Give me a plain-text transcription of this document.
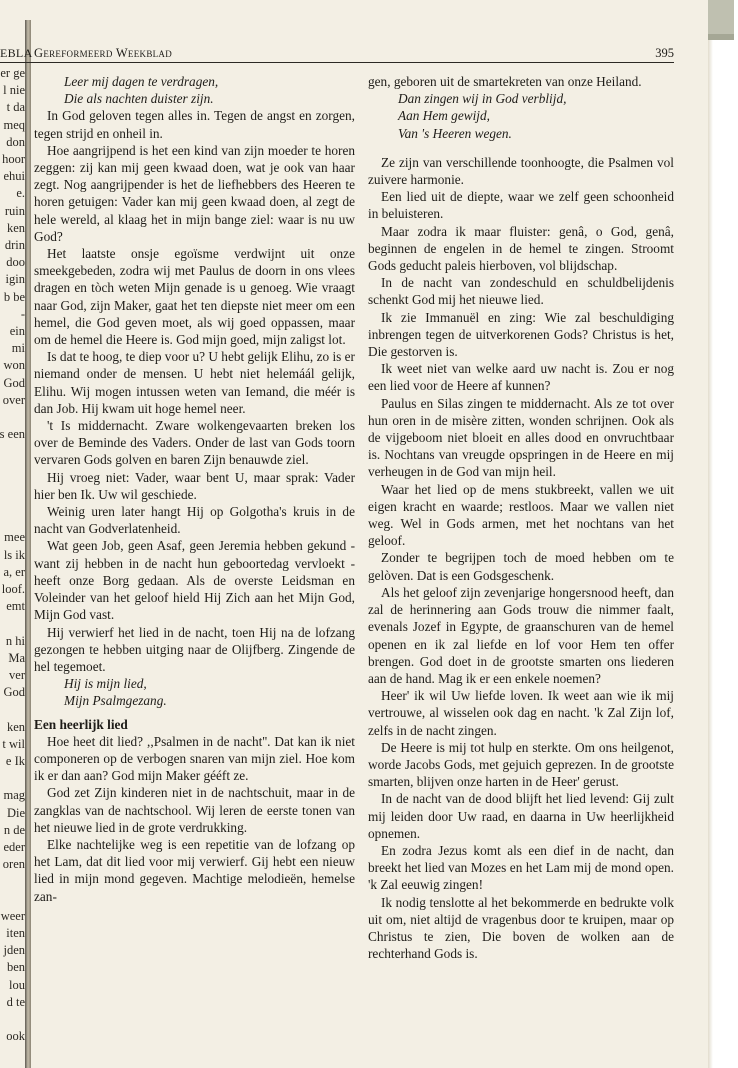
er ge
l nie
t da
meq
don
hoor
ehui
e.
ruin
ken
drin
doo
igin
b be
-
ein
mi
won
God
over
s een
mee
ls ik
a, er
loof.
emt
n hi
Ma
ver
God
ken
t wil
e Ik
mag
Die
n de
eder
oren
weer
iten
jden
ben
lou
d te
ook
EBLA Gereformeerd Weekblad	395

Leer mij dagen te verdragen,

Die als nachten duister zijn.

In God geloven tegen alles in. Tegen de angst en zorgen, tegen strijd en onheil in.

Hoe aangrijpend is het een kind van zijn moeder te horen zeggen: zij kan mij geen kwaad doen, wat je ook van haar zegt. Nog aangrijpender is het de liefhebbers des Heeren te horen getuigen: Vader kan mij geen kwaad doen, al zegt de hele wereld, al klaag het in mijn bange ziel: waar is nu uw God?

Het laatste onsje egoïsme verdwijnt uit onze smeekgebeden, zodra wij met Paulus de doorn in ons vlees dragen en tòch weten Mijn genade is u genoeg. Wie vraagt naar God, zijn Maker, gaat het ten diepste niet meer om een hemel, die God geven moet, als wij goed oppassen, maar om de hemel die Heere is. God mijn goed, mijn zaligst lot.

Is dat te hoog, te diep voor u? U hebt gelijk Elihu, zo is er niemand onder de mensen. U hebt niet helemáál gelijk, Elihu. Wij mogen intussen weten van Iemand, die méér is dan Job. Hij kwam uit hoge hemel neer.

't Is middernacht. Zware wolkengevaarten breken los over de Beminde des Vaders. Onder de last van Gods toorn vervaren Gods golven en baren Zijn benauwde ziel.

Hij vroeg niet: Vader, waar bent U, maar sprak: Vader hier ben Ik. Uw wil geschiede.

Weinig uren later hangt Hij op Golgotha's kruis in de nacht van Godverlatenheid.

Wat geen Job, geen Asaf, geen Jeremia hebben gekund - want zij hebben in de nacht hun geboortedag vervloekt - heeft onze Borg gedaan. Als de overste Leidsman en Voleinder van het geloof hield Hij Zich aan het Mijn God, Mijn God vast.

Hij verwierf het lied in de nacht, toen Hij na de lofzang gezongen te hebben uitging naar de Olijfberg. Zingende de hel tegemoet.

Hij is mijn lied,

Mijn Psalmgezang.

Een heerlijk lied

Hoe heet dit lied? ,,Psalmen in de nacht''. Dat kan ik niet componeren op de verbogen snaren van mijn ziel. Hoe kom ik er dan aan? God mijn Maker gééft ze.

God zet Zijn kinderen niet in de nachtschuit, maar in de zangklas van de nachtschool. Wij leren de eerste tonen van het nieuwe lied in de grote verdrukking.

Elke nachtelijke weg is een repetitie van de lofzang op het Lam, dat dit lied voor mij verwierf. Gij hebt een nieuw lied in mijn mond gegeven. Machtige melodieën, hemelse zan-

gen, geboren uit de smartekreten van onze Heiland.

Dan zingen wij in God verblijd,

Aan Hem gewijd,

Van 's Heeren wegen.

Ze zijn van verschillende toonhoogte, die Psalmen vol zuivere harmonie.

Een lied uit de diepte, waar we zelf geen schoonheid in beluisteren.

Maar zodra ik maar fluister: genâ, o God, genâ, beginnen de engelen in de hemel te zingen. Stroomt Gods geducht paleis hierboven, vol blijdschap.

In de nacht van zondeschuld en schuldbelijdenis schenkt God mij het nieuwe lied.

Ik zie Immanuël en zing: Wie zal beschuldiging inbrengen tegen de uitverkorenen Gods? Christus is het, Die gestorven is.

Ik weet niet van welke aard uw nacht is. Zou er nog een lied voor de Heere af kunnen?

Paulus en Silas zingen te middernacht. Als ze tot over hun oren in de misère zitten, wonden schrijnen. Ook als de vijgeboom niet bloeit en alles dood en onvruchtbaar is. Nochtans van vreugde opspringen in de Heere en mij verheugen in de God van mijn heil.

Waar het lied op de mens stukbreekt, vallen we uit eigen kracht en waarde; restloos. Maar we vallen niet weg. Wel in Gods armen, met het nochtans van het geloof.

Zonder te begrijpen toch de moed hebben om te gelòven. Dat is een Godsgeschenk.

Als het geloof zijn zevenjarige hongersnood heeft, dan zal de herinnering aan Gods trouw die nimmer faalt, evenals Jozef in Egypte, de graanschuren van de hemel openen en ik zal liefde en lof voor Hem ten offer brengen. God doet in de grootste smarten ons liederen aan de hand. Mag ik er een enkele noemen?

Heer' ik wil Uw liefde loven. Ik weet aan wie ik mij vertrouwe, al wisselen ook dag en nacht. 'k Zal Zijn lof, zelfs in de nacht zingen.

De Heere is mij tot hulp en sterkte. Om ons heilgenot, worde Jacobs Gods, met gejuich geprezen. In de grootste smarten, blijven onze harten in de Heer' gerust.

In de nacht van de dood blijft het lied levend: Gij zult mij leiden door Uw raad, en daarna in Uw heerlijkheid opnemen.

En zodra Jezus komt als een dief in de nacht, dan breekt het lied van Mozes en het Lam mij de mond open. 'k Zal eeuwig zingen!

Ik nodig tenslotte al het bekommerde en bedrukte volk uit om, niet altijd de vragenbus door te kruipen, maar op Christus te zien, Die boven de wolken aan de rechterhand Gods is.
